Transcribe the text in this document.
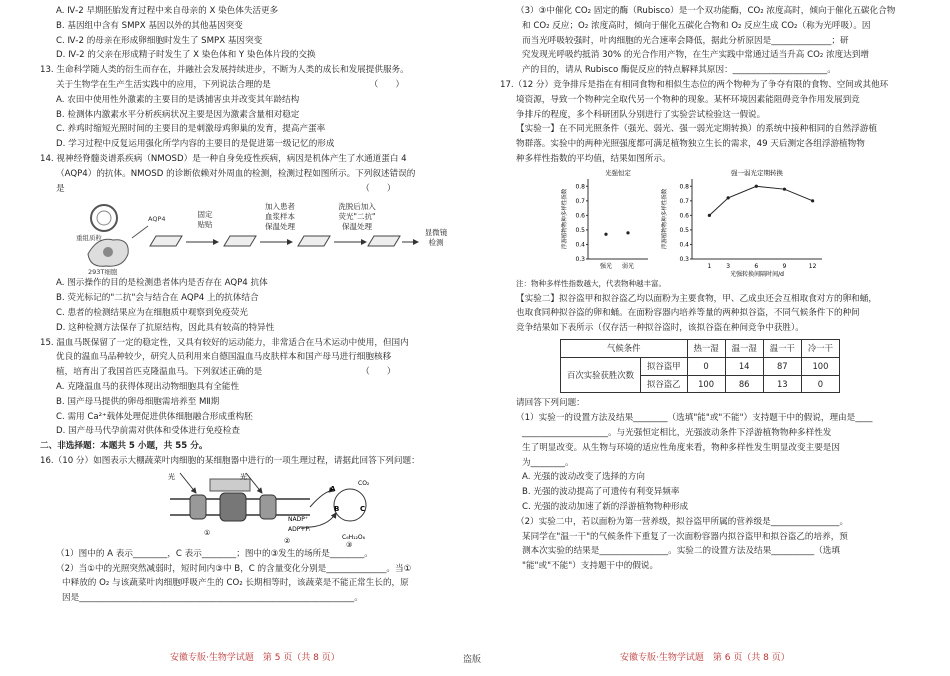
A. Ⅳ-2 早期胚胎发育过程中来自母亲的 X 染色体失活更多
B. 基因组中含有 SMPX 基因以外的其他基因突变
C. Ⅳ-2 的母亲在形成卵细胞时发生了 SMPX 基因突变
D. Ⅳ-2 的父亲在形成精子时发生了 X 染色体和 Y 染色体片段的交换
13. 生命科学随人类的衍生而存在，并融社会发展持续进步，不断为人类的成长和发展提供服务。
关于生物学在生产生活实践中的应用，下列说法合理的是　　　　　　　　　　　　（　　）
A. 农田中使用性外激素的主要目的是诱捕害虫并改变其年龄结构
B. 检测体内激素水平分析疾病状况主要是因为激素含量相对稳定
C. 养鸡时缩短光照时间的主要目的是刺激母鸡卵巢的发育，提高产蛋率
D. 学习过程中反复运用强化所学内容的主要目的是促进第一级记忆的形成
14. 视神经脊髓炎谱系疾病（NMOSD）是一种自身免疫性疾病，病因是机体产生了水通道蛋白 4
（AQP4）的抗体。NMOSD 的诊断依赖对外周血的检测，检测过程如图所示。下列叙述错误的
是　　　　　　　　　　　　　　　　　　　　　　　　　　　　　　　　　　　（　　）
293T细胞
重组质粒
AQP4	固定
贴贴
加入患者
血浆样本
保温处理
洗脱后加入
荧光"二抗"
保温处理
显微镜
检测
A. 图示操作的目的是检测患者体内是否存在 AQP4 抗体
B. 荧光标记的"二抗"会与结合在 AQP4 上的抗体结合
C. 患者的检测结果应为在细胞质中观察到免疫荧光
D. 这种检测方法保存了抗原结构，因此具有较高的特异性
15. 温血马既保留了一定的稳定性，又具有较好的运动能力，非常适合在马术运动中使用，但国内
优良的温血马品种较少，研究人员利用来自德国温血马皮肤样本和国产母马进行细胞核移
植，培育出了我国首匹克隆温血马。下列叙述正确的是　　　　　　　　　　　　（　　）
A. 克隆温血马的获得体现出动物细胞具有全能性
B. 国产母马提供的卵母细胞需培养至 MⅡ期
C. 需用 Ca²⁺载体处理促进供体细胞融合形成重构胚
D. 国产母马代孕前需对供体和受体进行免疫检查
二、非选择题：本题共 5 小题，共 55 分。
16.（10 分）如图表示大棚蔬菜叶肉细胞的某细胞器中进行的一项生理过程，请据此回答下列问题：
光	光
NADP⁺
ADP+Pᵢ
A
B	C
CO₂
C₆H₁₂O₆
①
②	③
（1）图中的 A 表示________，C 表示________；图中的③发生的场所是________。
（2）当①中的光照突然减弱时，短时间内③中 B，C 的含量变化分别是______________。当①
中释放的 O₂ 与该蔬菜叶肉细胞呼吸产生的 CO₂ 长期相等时，该蔬菜是不能正常生长的，原
因是________________________________________________________________。
安徽专版·生物学试题　第 5 页（共 8 页）	盗版
（3）③中催化 CO₂ 固定的酶（Rubisco）是一个双功能酶，CO₂ 浓度高时，倾向于催化五碳化合物
和 CO₂ 反应；O₂ 浓度高时，倾向于催化五碳化合物和 O₂ 反应生成 CO₂（称为光呼吸）。因
而当光呼吸较强时，叶肉细胞的光合速率会降低，据此分析原因是______________；研
究发现光呼吸约抵消 30% 的光合作用产物，在生产实践中常通过适当升高 CO₂ 浓度达到增
产的目的，请从 Rubisco 酶促反应的特点解释其原因：______________________。
17.（12 分）竞争排斥是指在有相同食物和相似生态位的两个物种为了争夺有限的食物、空间或其他环
境资源，导致一个物种完全取代另一个物种的现象。某杯环境因素能阻碍竞争作用发展到竞
争排斥的程度，多个科研团队分别进行了实验尝试检验这一假说。
【实验一】在不同光照条件（强光、弱光、强一弱光定期转换）的系统中接种相同的自然浮游植
物群落。实验中的两种光照强度都可满足植物独立生长的需求，49 天后测定各组浮游植物物
种多样性指数的平均值，结果如图所示。
0.3
0.4
0.5
0.6
0.7
0.8
光强恒定
浮游植物物种多样性指数
强光 弱光
0.3
0.4
0.5
0.6
0.7
0.8
强一弱光定期转换
浮游植物物种多样性指数
1 3	6	9	12
光强转换间隔时间/d
注：物种多样性指数越大，代表物种越丰富。
【实验二】拟谷盗甲和拟谷盗乙均以面粉为主要食物，甲、乙成虫还会互相取食对方的卵和蛹，
也取食同种拟谷盗的卵和蛹。在面粉容器内培养等量的两种拟谷盗，不同气候条件下的种间
竞争结果如下表所示（仅存活一种拟谷盗时，该拟谷盗在种间竞争中获胜）。
气候条件		热一湿	温一湿	温一干	冷一干
百次实验获胜次数	拟谷盗甲	0	14	87	100
	拟谷盗乙	100	86	13	0
请回答下列问题：
（1）实验一的设置方法及结果________（选填"能"或"不能"）支持题干中的假说，理由是____
____________________。与光强恒定相比，光强波动条件下浮游植物物种多样性发
生了明显改变。从生物与环境的适应性角度来看，物种多样性发生明显改变主要是因
为________。
A. 光强的波动改变了选择的方向
B. 光强的波动提高了可遗传有利变异频率
C. 光强的波动加速了新的浮游植物物种形成
（2）实验二中，若以面粉为第一营养级，拟谷盗甲所属的营养级是________________。
某同学在"温一干"的气候条件下重复了一次面粉容器内拟谷盗甲和拟谷盗乙的培养，预
测本次实验的结果是________________。实验二的设置方法及结果__________（选填
"能"或"不能"）支持题干中的假说。
安徽专版·生物学试题　第 6 页（共 8 页）
